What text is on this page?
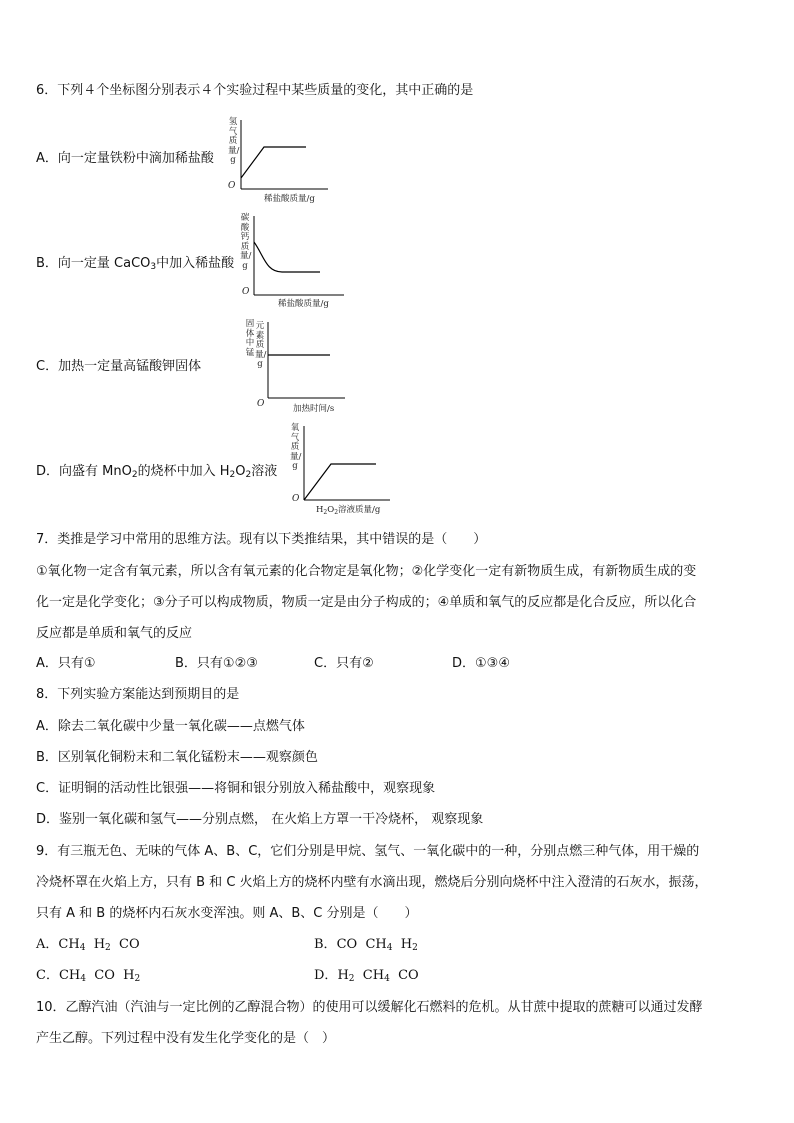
6．下列４个坐标图分别表示４个实验过程中某些质量的变化，其中正确的是
A．向一定量铁粉中滴加稀盐酸
氢气质量/g
O
稀盐酸质量/g
B．向一定量 CaCO$_3$中加入稀盐酸
碳酸钙质量/g
O
稀盐酸质量/g
C．加热一定量高锰酸钾固体
固体中锰
元素质量/g
O	加热时间/s
D．向盛有 MnO$_2$的烧杯中加入 $H_2O_2$溶液
氧气质量/g
O
$H_2O_2$溶液质量/g
7．类推是学习中常用的思维方法。现有以下类推结果，其中错误的是（　　）
①氧化物一定含有氧元素，所以含有氧元素的化合物定是氧化物；②化学变化一定有新物质生成，有新物质生成的变
化一定是化学变化；③分子可以构成物质，物质一定是由分子构成的；④单质和氧气的反应都是化合反应，所以化合
反应都是单质和氧气的反应
A．只有①	B．只有①②③	C．只有②	D．①③④
8．下列实验方案能达到预期目的是
A．除去二氧化碳中少量一氧化碳——点燃气体
B．区别氧化铜粉末和二氧化锰粉末——观察颜色
C．证明铜的活动性比银强——将铜和银分别放入稀盐酸中，观察现象
D．鉴别一氧化碳和氢气——分别点燃， 在火焰上方罩一干冷烧杯， 观察现象
9．有三瓶无色、无味的气体 A、B、C，它们分别是甲烷、氢气、一氧化碳中的一种，分别点燃三种气体，用干燥的
冷烧杯罩在火焰上方，只有 B 和 C 火焰上方的烧杯内壁有水滴出现，燃烧后分别向烧杯中注入澄清的石灰水，振荡，
只有 A 和 B 的烧杯内石灰水变浑浊。则 A、B、C 分别是（　　）
A．$CH_4$ $H_2$ CO	B．CO $CH_4$ $H_2$
C．$CH_4$ CO $H_2$	D．$H_2$ $CH_4$ CO
10．乙醇汽油（汽油与一定比例的乙醇混合物）的使用可以缓解化石燃料的危机。从甘蔗中提取的蔗糖可以通过发酵
产生乙醇。下列过程中没有发生化学变化的是（　）
